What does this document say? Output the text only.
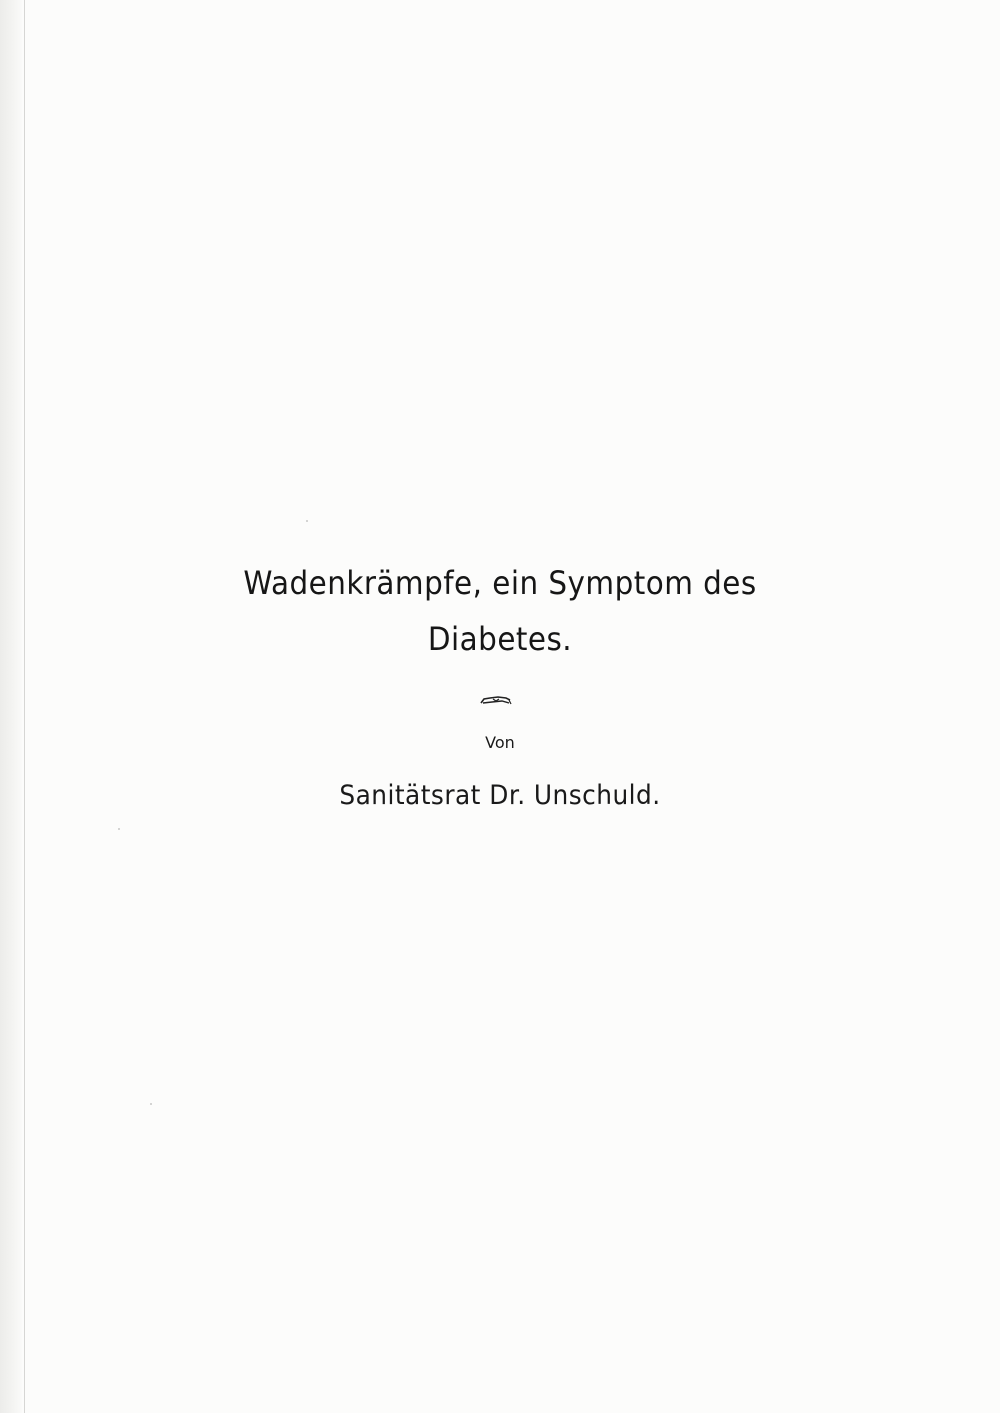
Wadenkrämpfe, ein Symptom des
Diabetes.
Von
Sanitätsrat Dr. Unschuld.
